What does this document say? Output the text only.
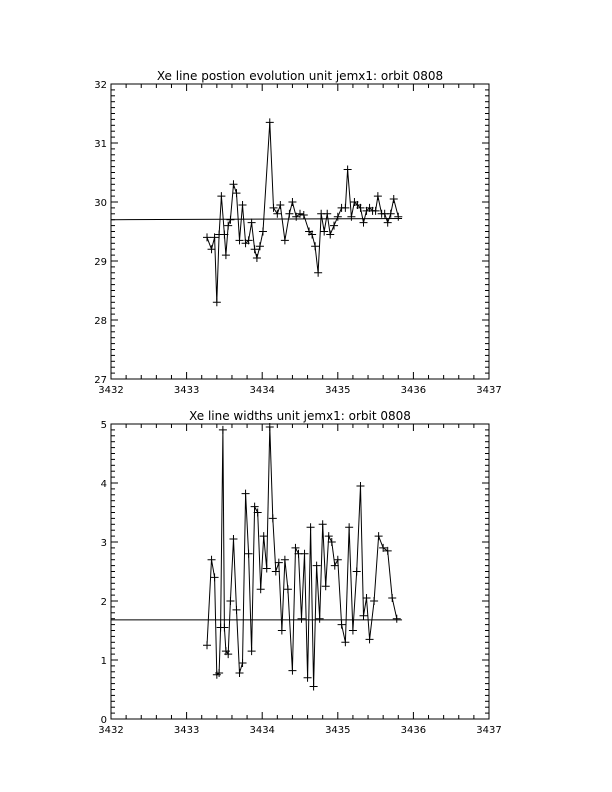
Xe line postion evolution unit jemx1: orbit 0808
3432	3433	3434	3435	3436	3437
27
28
29
30
31
32
Xe line widths unit jemx1: orbit 0808
3432	3433	3434	3435	3436	3437
0
1
2
3
4
5
